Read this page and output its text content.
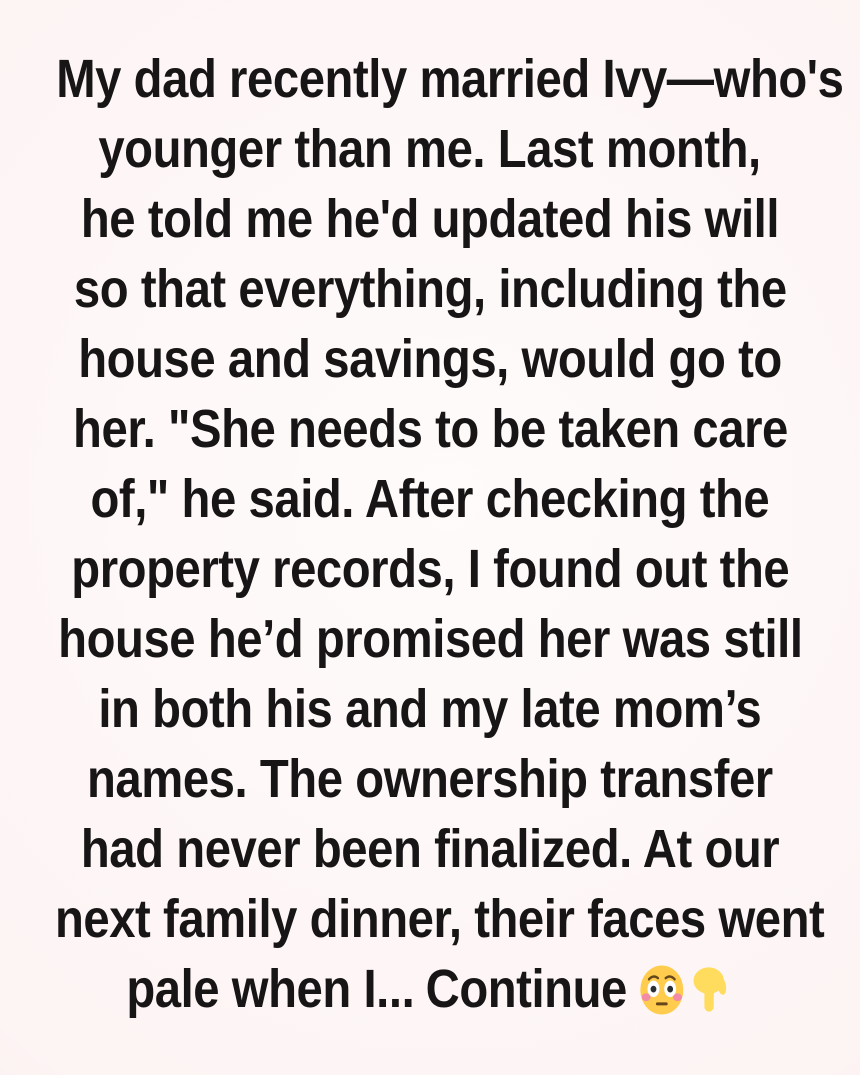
My dad recently married Ivy—who's
younger than me. Last month,
he told me he'd updated his will
so that everything, including the
house and savings, would go to
her. "She needs to be taken care
of," he said. After checking the
property records, I found out the
house he’d promised her was still
in both his and my late mom’s
names. The ownership transfer
had never been finalized. At our
next family dinner, their faces went
pale when I... Continue
